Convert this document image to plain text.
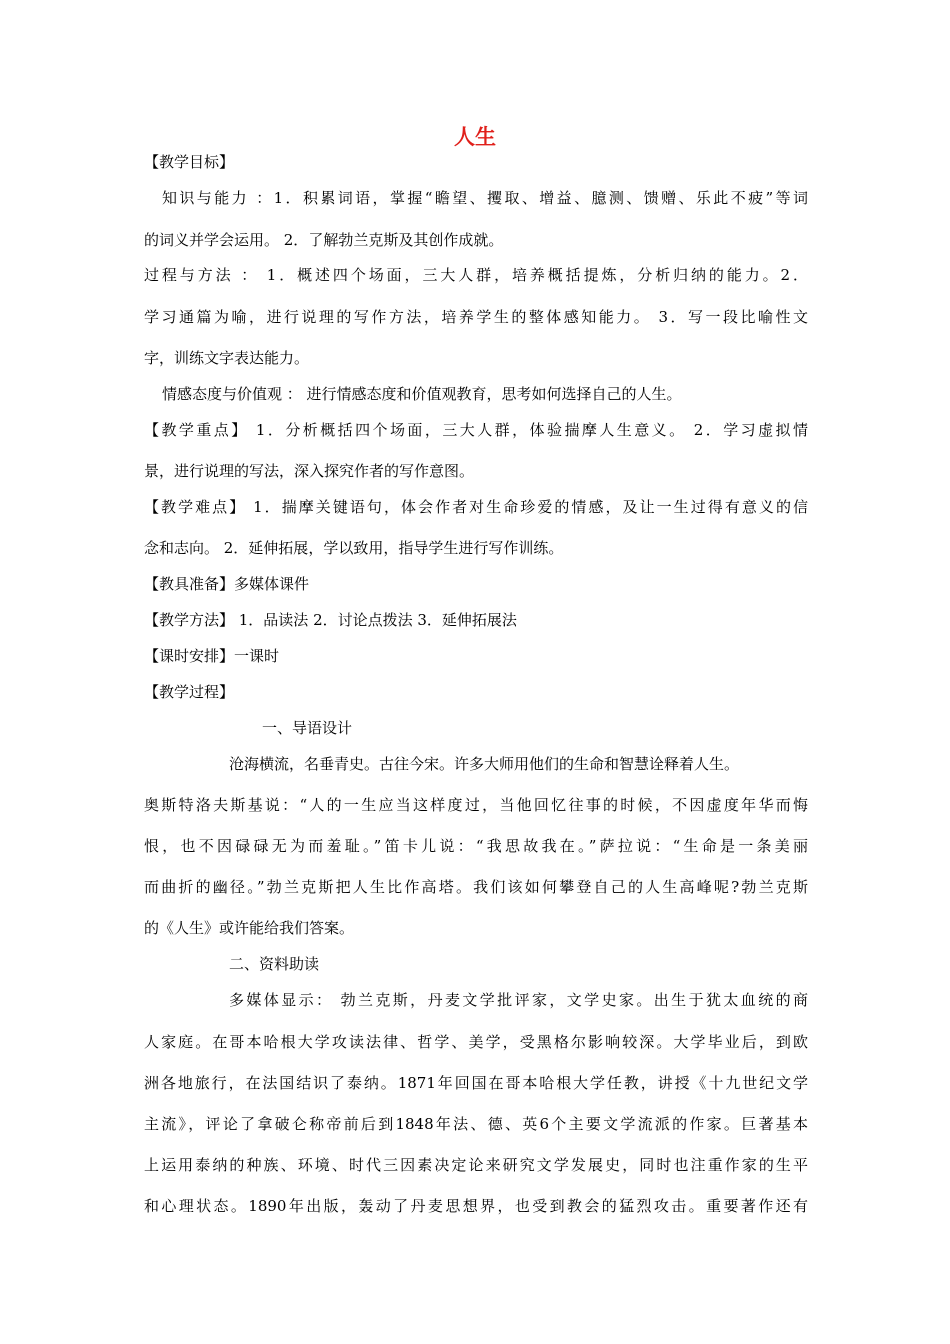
人生
【教学目标】
知识与能力 ：1．积累词语，掌握“瞻望、攫取、增益、臆测、馈赠、乐此不疲”等词
的词义并学会运用。 2．了解勃兰克斯及其创作成就。
过程与方法 ： 1．概述四个场面，三大人群，培养概括提炼，分析归纳的能力。2．
学习通篇为喻，进行说理的写作方法，培养学生的整体感知能力。 3．写一段比喻性文
字，训练文字表达能力。
情感态度与价值观 ： 进行情感态度和价值观教育，思考如何选择自己的人生。
【教学重点】 1．分析概括四个场面，三大人群，体验揣摩人生意义。 2．学习虚拟情
景，进行说理的写法，深入探究作者的写作意图。
【教学难点】 1．揣摩关键语句，体会作者对生命珍爱的情感，及让一生过得有意义的信
念和志向。 2．延伸拓展，学以致用，指导学生进行写作训练。
【教具准备】多媒体课件
【教学方法】 1．品读法 2．讨论点拨法 3．延伸拓展法
【课时安排】一课时
【教学过程】
一、导语设计
沧海横流，名垂青史。古往今宋。许多大师用他们的生命和智慧诠释着人生。
奥斯特洛夫斯基说：“人的一生应当这样度过，当他回忆往事的时候，不因虚度年华而悔
恨，也不因碌碌无为而羞耻。”笛卡儿说：“我思故我在。”萨拉说：“生命是一条美丽
而曲折的幽径。”勃兰克斯把人生比作高塔。我们该如何攀登自己的人生高峰呢?勃兰克斯
的《人生》或许能给我们答案。
二、资料助读
多媒体显示： 勃兰克斯，丹麦文学批评家，文学史家。出生于犹太血统的商
人家庭。在哥本哈根大学攻读法律、哲学、美学，受黑格尔影响较深。大学毕业后，到欧
洲各地旅行，在法国结识了泰纳。1871年回国在哥本哈根大学任教，讲授《十九世纪文学
主流》，评论了拿破仑称帝前后到1848年法、德、英6个主要文学流派的作家。巨著基本
上运用泰纳的种族、环境、时代三因素决定论来研究文学发展史，同时也注重作家的生平
和心理状态。1890年出版，轰动了丹麦思想界，也受到教会的猛烈攻击。重要著作还有
